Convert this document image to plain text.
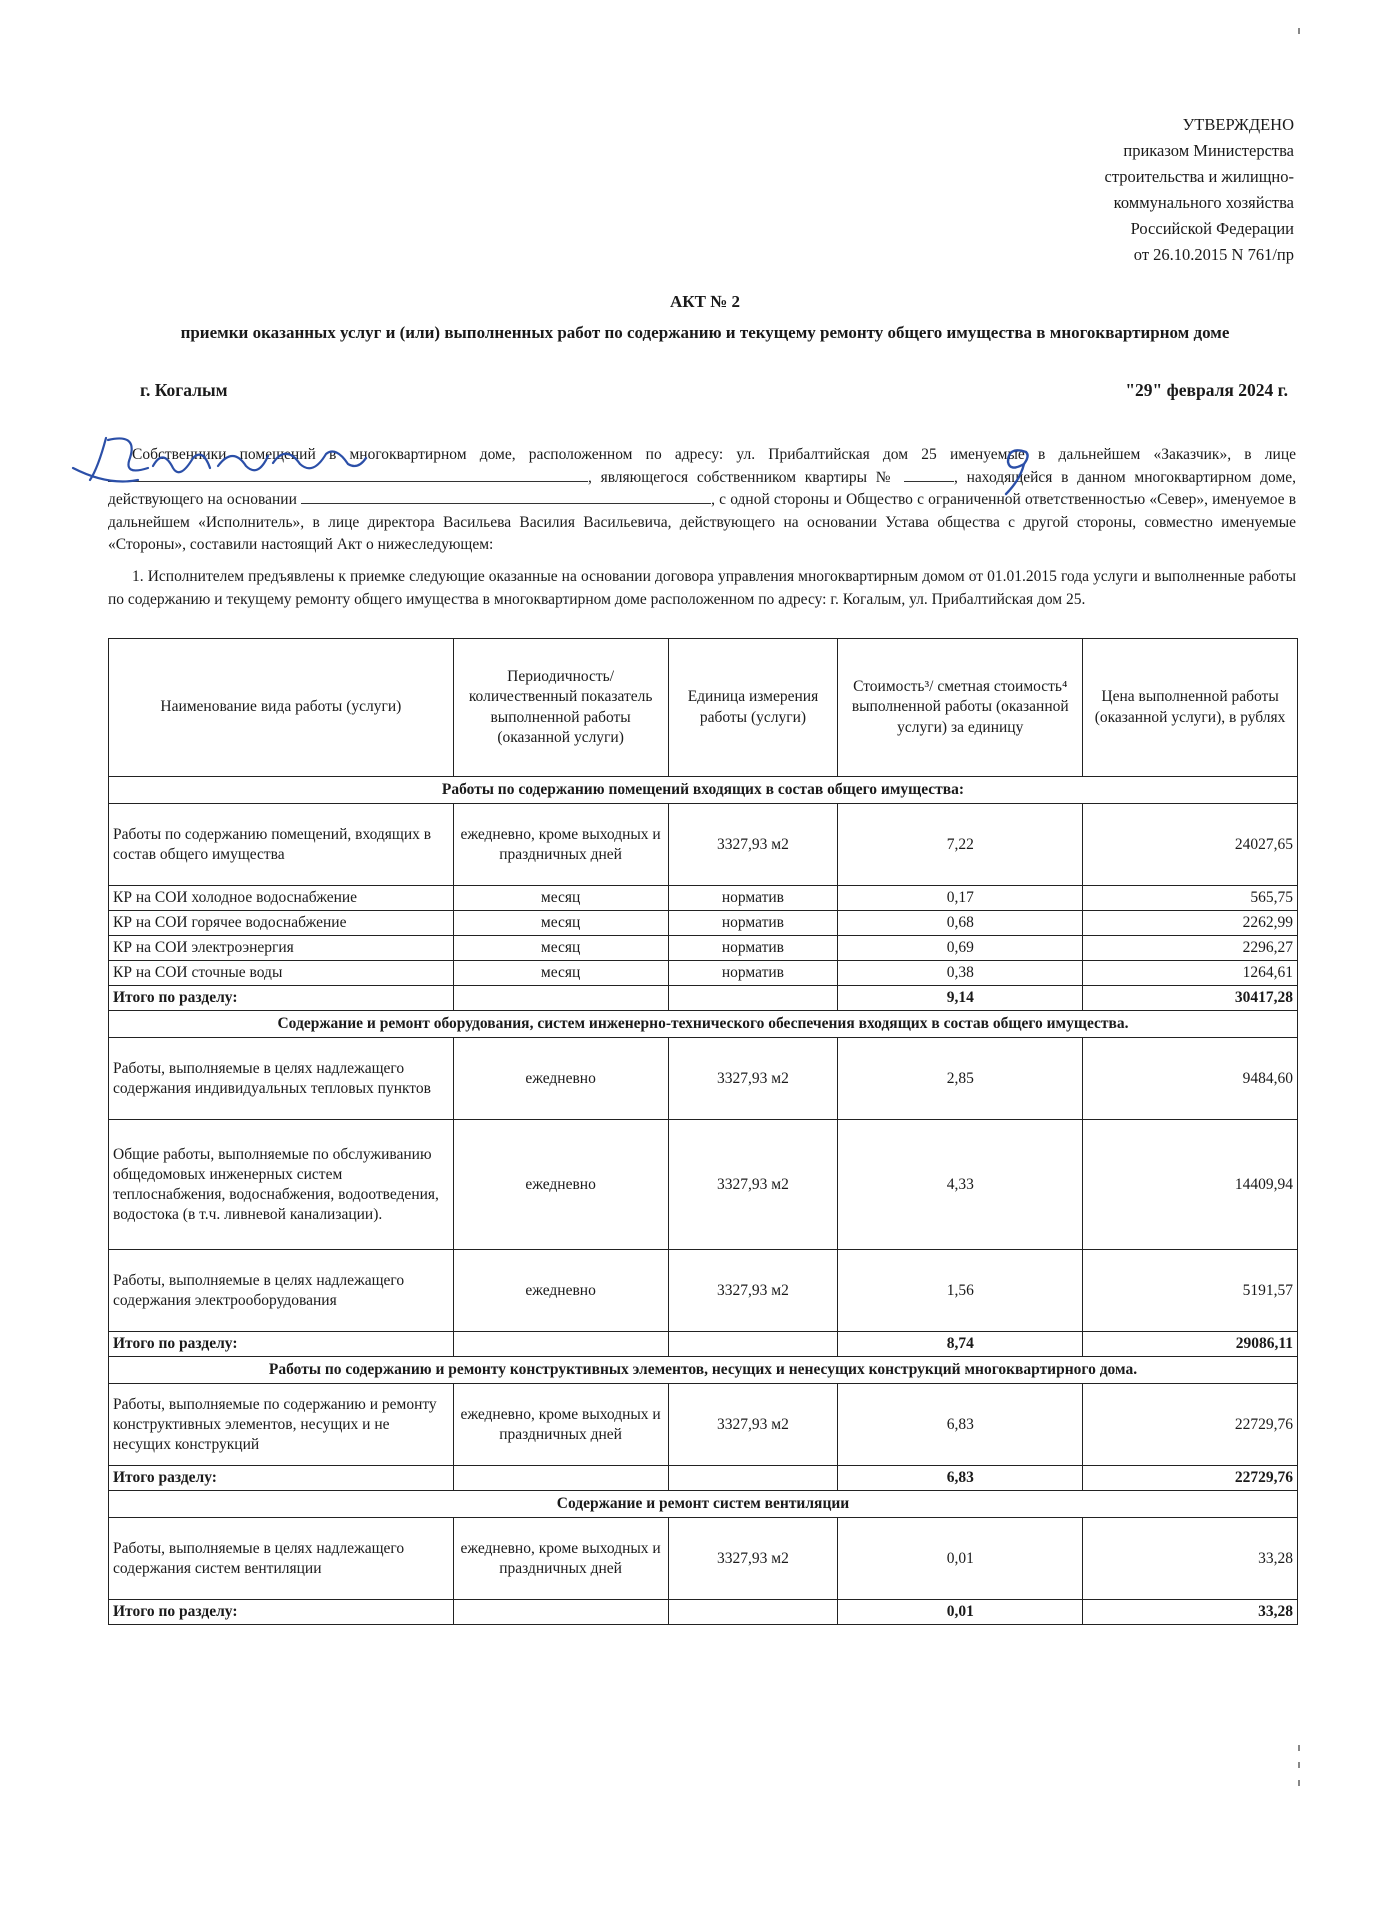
УТВЕРЖДЕНО
приказом Министерства
строительства и жилищно-
коммунального хозяйства
Российской Федерации
от 26.10.2015 N 761/пр
АКТ № 2
приемки оказанных услуг и (или) выполненных работ по содержанию и текущему ремонту общего имущества в многоквартирном доме
г. Когалым	"29" февраля 2024 г.
Собственники помещений в многоквартирном доме, расположенном по адресу: ул. Прибалтийская дом 25 именуемые в дальнейшем «Заказчик», в лице , являющегося собственником квартиры №	, находящейся в данном многоквартирном доме, действующего на основании	, с одной стороны и Общество с ограниченной ответственностью «Север», именуемое в дальнейшем «Исполнитель», в лице директора Васильева Василия Васильевича, действующего на основании Устава общества с другой стороны, совместно именуемые «Стороны», составили настоящий Акт о нижеследующем:
1. Исполнителем предъявлены к приемке следующие оказанные на основании договора управления многоквартирным домом от 01.01.2015 года услуги и выполненные работы по содержанию и текущему ремонту общего имущества в многоквартирном доме расположенном по адресу: г. Когалым, ул. Прибалтийская дом 25.
Наименование вида работы (услуги)	Периодичность/ количественный показатель выполненной работы (оказанной услуги)	Единица измерения работы (услуги)	Стоимость³/ сметная стоимость⁴ выполненной работы (оказанной услуги) за единицу	Цена выполненной работы (оказанной услуги), в рублях
Работы по содержанию помещений входящих в состав общего имущества:				
Работы по содержанию помещений, входящих в состав общего имущества	ежедневно, кроме выходных и праздничных дней	3327,93 м2	7,22	24027,65
КР на СОИ холодное водоснабжение	месяц	норматив	0,17	565,75
КР на СОИ горячее водоснабжение	месяц	норматив	0,68	2262,99
КР на СОИ электроэнергия	месяц	норматив	0,69	2296,27
КР на СОИ сточные воды	месяц	норматив	0,38	1264,61
Итого по разделу:			9,14	30417,28
Содержание и ремонт оборудования, систем инженерно-технического обеспечения входящих в состав общего имущества.				
Работы, выполняемые в целях надлежащего содержания индивидуальных тепловых пунктов	ежедневно	3327,93 м2	2,85	9484,60
Общие работы, выполняемые по обслуживанию общедомовых инженерных систем теплоснабжения, водоснабжения, водоотведения, водостока (в т.ч. ливневой канализации).	ежедневно	3327,93 м2	4,33	14409,94
Работы, выполняемые в целях надлежащего содержания электрооборудования	ежедневно	3327,93 м2	1,56	5191,57
Итого по разделу:			8,74	29086,11
Работы по содержанию и ремонту конструктивных элементов, несущих и ненесущих конструкций многоквартирного дома.				
Работы, выполняемые по содержанию и ремонту конструктивных элементов, несущих и не несущих конструкций	ежедневно, кроме выходных и праздничных дней	3327,93 м2	6,83	22729,76
Итого разделу:			6,83	22729,76
Содержание и ремонт систем вентиляции				
Работы, выполняемые в целях надлежащего содержания систем вентиляции	ежедневно, кроме выходных и праздничных дней	3327,93 м2	0,01	33,28
Итого по разделу:			0,01	33,28
